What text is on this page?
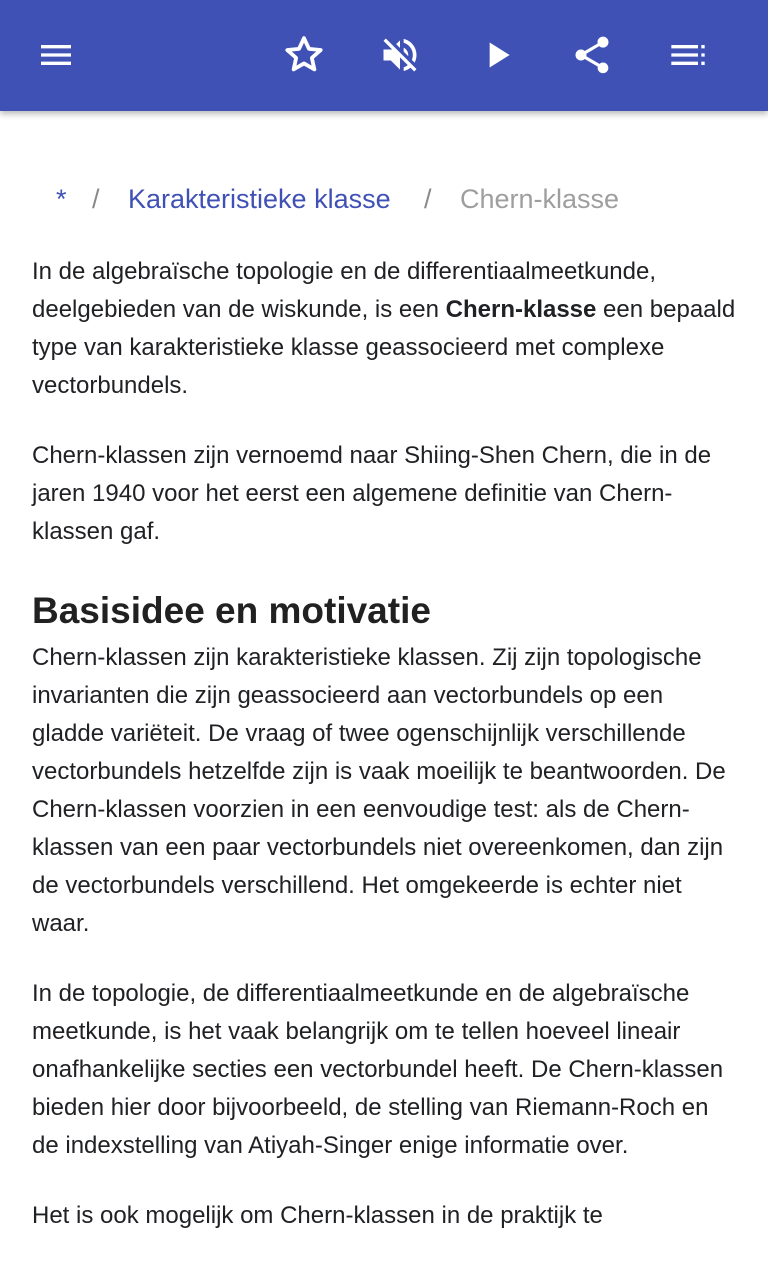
* / Karakteristieke klasse / Chern-klasse

In de algebraïsche topologie en de differentiaalmeetkunde, deelgebieden van de wiskunde, is een Chern-klasse een bepaald type van karakteristieke klasse geassocieerd met complexe vectorbundels.

Chern-klassen zijn vernoemd naar Shiing-Shen Chern, die in de jaren 1940 voor het eerst een algemene definitie van Chern-klassen gaf.

Basisidee en motivatie

Chern-klassen zijn karakteristieke klassen. Zij zijn topologische invarianten die zijn geassocieerd aan vectorbundels op een gladde variëteit. De vraag of twee ogenschijnlijk verschillende vectorbundels hetzelfde zijn is vaak moeilijk te beantwoorden. De Chern-klassen voorzien in een eenvoudige test: als de Chern-klassen van een paar vectorbundels niet overeenkomen, dan zijn de vectorbundels verschillend. Het omgekeerde is echter niet waar.

In de topologie, de differentiaalmeetkunde en de algebraïsche meetkunde, is het vaak belangrijk om te tellen hoeveel lineair onafhankelijke secties een vectorbundel heeft. De Chern-klassen bieden hier door bijvoorbeeld, de stelling van Riemann-Roch en de indexstelling van Atiyah-Singer enige informatie over.

Het is ook mogelijk om Chern-klassen in de praktijk te
